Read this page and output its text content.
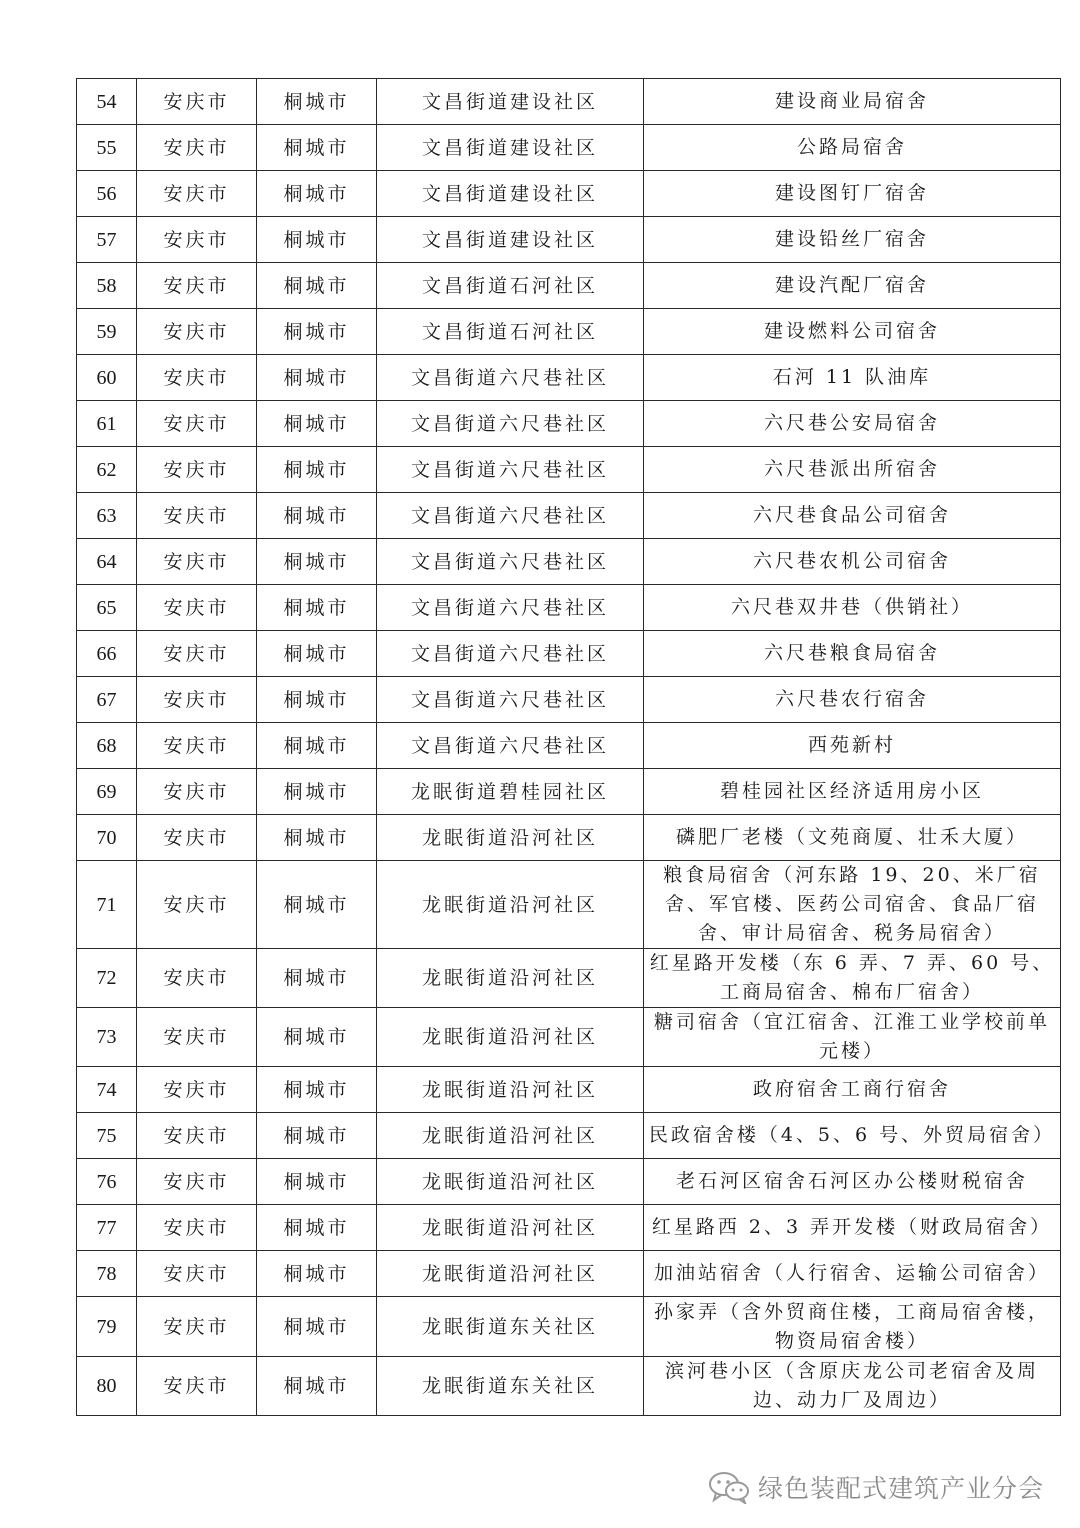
54	安庆市	桐城市	文昌街道建设社区	建设商业局宿舍
55	安庆市	桐城市	文昌街道建设社区	公路局宿舍
56	安庆市	桐城市	文昌街道建设社区	建设图钉厂宿舍
57	安庆市	桐城市	文昌街道建设社区	建设铅丝厂宿舍
58	安庆市	桐城市	文昌街道石河社区	建设汽配厂宿舍
59	安庆市	桐城市	文昌街道石河社区	建设燃料公司宿舍
60	安庆市	桐城市	文昌街道六尺巷社区	石河 11 队油库
61	安庆市	桐城市	文昌街道六尺巷社区	六尺巷公安局宿舍
62	安庆市	桐城市	文昌街道六尺巷社区	六尺巷派出所宿舍
63	安庆市	桐城市	文昌街道六尺巷社区	六尺巷食品公司宿舍
64	安庆市	桐城市	文昌街道六尺巷社区	六尺巷农机公司宿舍
65	安庆市	桐城市	文昌街道六尺巷社区	六尺巷双井巷（供销社）
66	安庆市	桐城市	文昌街道六尺巷社区	六尺巷粮食局宿舍
67	安庆市	桐城市	文昌街道六尺巷社区	六尺巷农行宿舍
68	安庆市	桐城市	文昌街道六尺巷社区	西苑新村
69	安庆市	桐城市	龙眠街道碧桂园社区	碧桂园社区经济适用房小区
70	安庆市	桐城市	龙眠街道沿河社区	磷肥厂老楼（文苑商厦、壮禾大厦）
71	安庆市	桐城市	龙眠街道沿河社区	粮食局宿舍（河东路 19、20、米厂宿舍、军官楼、医药公司宿舍、食品厂宿舍、审计局宿舍、税务局宿舍）
72	安庆市	桐城市	龙眠街道沿河社区	红星路开发楼（东 6 弄、7 弄、60 号、工商局宿舍、棉布厂宿舍）
73	安庆市	桐城市	龙眠街道沿河社区	糖司宿舍（宜江宿舍、江淮工业学校前单元楼）
74	安庆市	桐城市	龙眠街道沿河社区	政府宿舍工商行宿舍
75	安庆市	桐城市	龙眠街道沿河社区	民政宿舍楼（4、5、6 号、外贸局宿舍）
76	安庆市	桐城市	龙眠街道沿河社区	老石河区宿舍石河区办公楼财税宿舍
77	安庆市	桐城市	龙眠街道沿河社区	红星路西 2、3 弄开发楼（财政局宿舍）
78	安庆市	桐城市	龙眠街道沿河社区	加油站宿舍（人行宿舍、运输公司宿舍）
79	安庆市	桐城市	龙眠街道东关社区	孙家弄（含外贸商住楼，工商局宿舍楼，物资局宿舍楼）
80	安庆市	桐城市	龙眠街道东关社区	滨河巷小区（含原庆龙公司老宿舍及周边、动力厂及周边）
绿色装配式建筑产业分会
